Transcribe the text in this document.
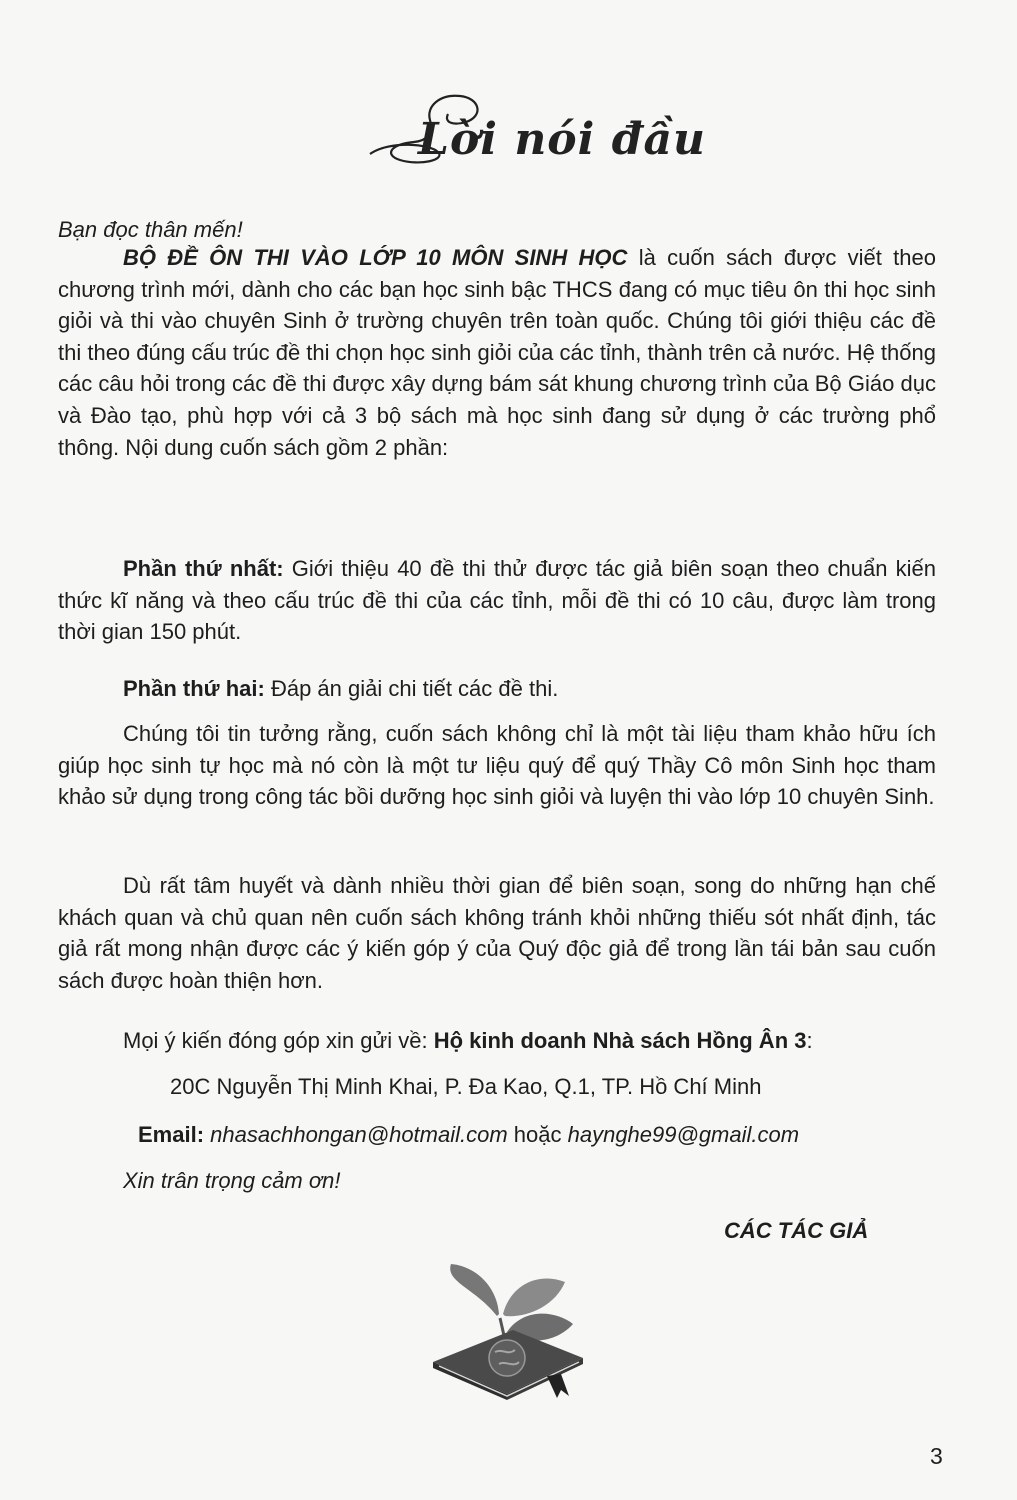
Lời nói đầu
Bạn đọc thân mến!

BỘ ĐỀ ÔN THI VÀO LỚP 10 MÔN SINH HỌC là cuốn sách được viết theo chương trình mới, dành cho các bạn học sinh bậc THCS đang có mục tiêu ôn thi học sinh giỏi và thi vào chuyên Sinh ở trường chuyên trên toàn quốc. Chúng tôi giới thiệu các đề thi theo đúng cấu trúc đề thi chọn học sinh giỏi của các tỉnh, thành trên cả nước. Hệ thống các câu hỏi trong các đề thi được xây dựng bám sát khung chương trình của Bộ Giáo dục và Đào tạo, phù hợp với cả 3 bộ sách mà học sinh đang sử dụng ở các trường phổ thông. Nội dung cuốn sách gồm 2 phần:

Phần thứ nhất: Giới thiệu 40 đề thi thử được tác giả biên soạn theo chuẩn kiến thức kĩ năng và theo cấu trúc đề thi của các tỉnh, mỗi đề thi có 10 câu, được làm trong thời gian 150 phút.

Phần thứ hai: Đáp án giải chi tiết các đề thi.

Chúng tôi tin tưởng rằng, cuốn sách không chỉ là một tài liệu tham khảo hữu ích giúp học sinh tự học mà nó còn là một tư liệu quý để quý Thầy Cô môn Sinh học tham khảo sử dụng trong công tác bồi dưỡng học sinh giỏi và luyện thi vào lớp 10 chuyên Sinh.

Dù rất tâm huyết và dành nhiều thời gian để biên soạn, song do những hạn chế khách quan và chủ quan nên cuốn sách không tránh khỏi những thiếu sót nhất định, tác giả rất mong nhận được các ý kiến góp ý của Quý độc giả để trong lần tái bản sau cuốn sách được hoàn thiện hơn.

Mọi ý kiến đóng góp xin gửi về: Hộ kinh doanh Nhà sách Hồng Ân 3:
20C Nguyễn Thị Minh Khai, P. Đa Kao, Q.1, TP. Hồ Chí Minh
Email: nhasachhongan@hotmail.com hoặc haynghe99@gmail.com
Xin trân trọng cảm ơn!
CÁC TÁC GIẢ
3
